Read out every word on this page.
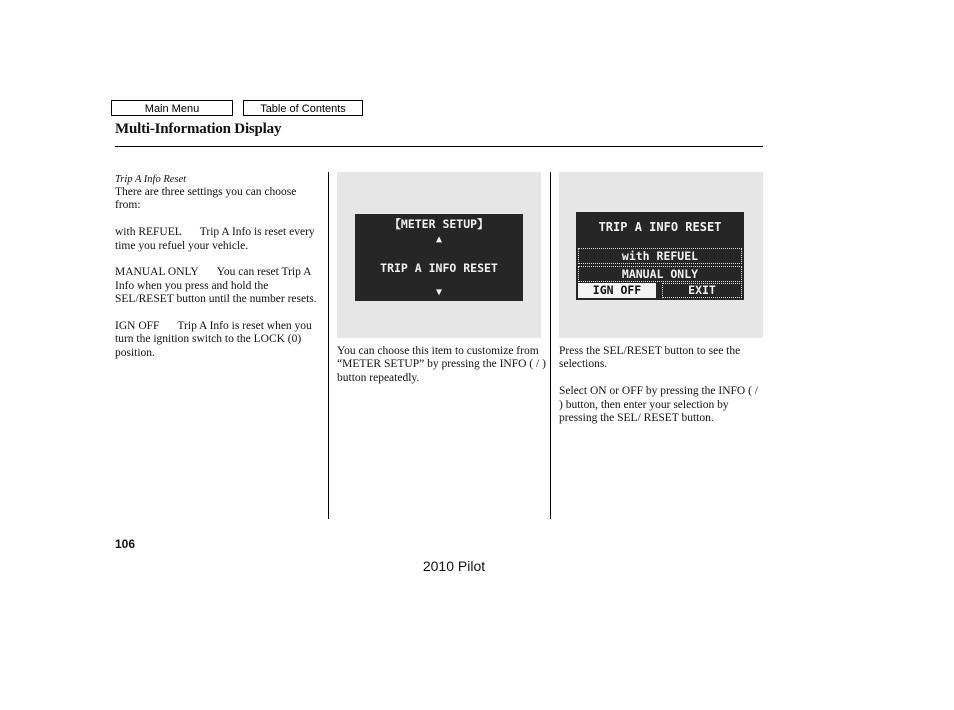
Main Menu	Table of Contents
Multi-Information Display

Trip A Info Reset

There are three settings you can choose from:

with REFUEL Trip A Info is reset every time you refuel your vehicle.

MANUAL ONLY You can reset Trip A Info when you press and hold the SEL/RESET button until the number resets.

IGN OFF Trip A Info is reset when you turn the ignition switch to the LOCK (0) position.

【METER SETUP】
▲
TRIP A INFO RESET
▼
TRIP A INFO RESET
with REFUEL
MANUAL ONLY
IGN OFF	EXIT

You can choose this item to customize from “METER SETUP” by pressing the INFO ( / ) button repeatedly.

Press the SEL/RESET button to see the selections.

Select ON or OFF by pressing the INFO ( / ) button, then enter your selection by pressing the SEL/ RESET button.

106
2010 Pilot
